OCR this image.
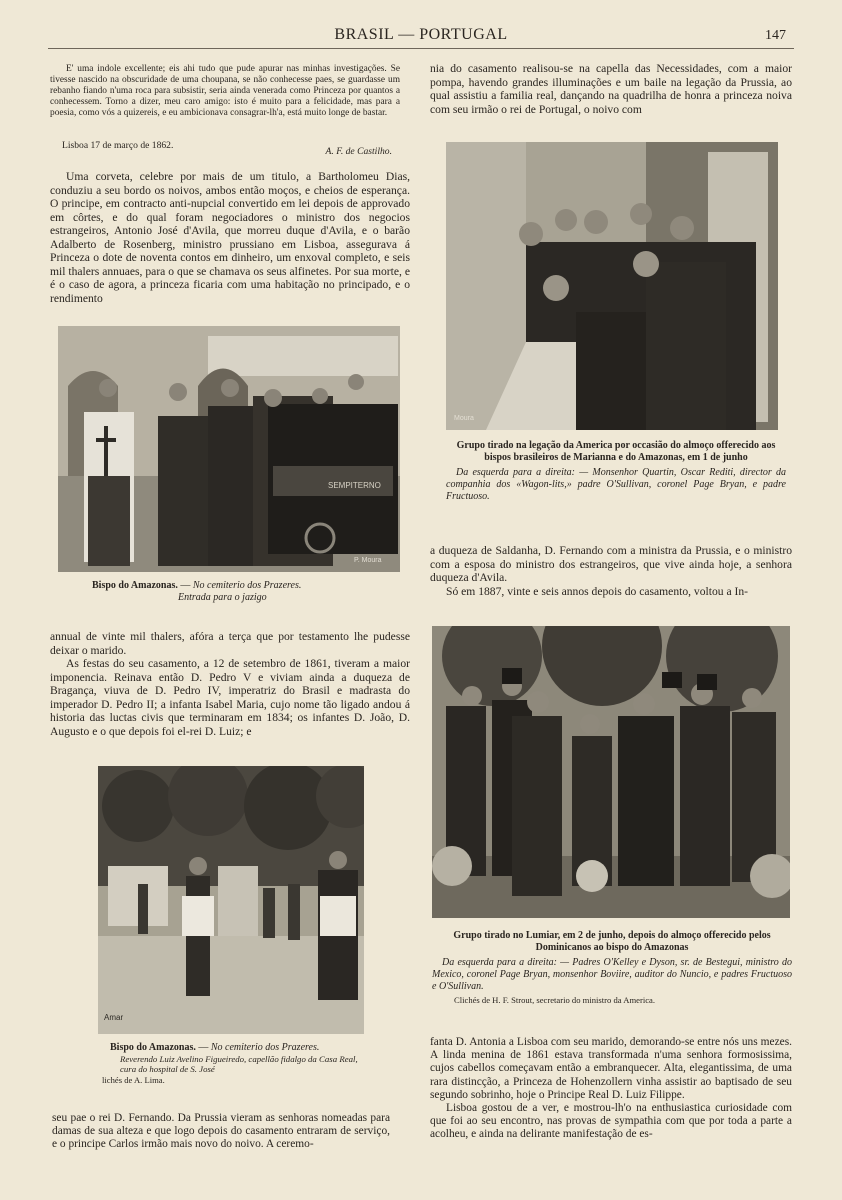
BRASIL — PORTUGAL	147

E' uma indole excellente; eis ahi tudo que pude apurar nas minhas investigações. Se tivesse nascido na obscuridade de uma choupana, se não conhecesse paes, se guardasse um rebanho fiando n'uma roca para subsistir, seria ainda venerada como Princeza por quantos a conhecessem. Torno a dizer, meu caro amigo: isto é muito para a felicidade, mas para a poesia, como vós a quizereis, e eu ambicionava consagrar-lh'a, está muito longe de bastar.

Lisboa 17 de março de 1862.
A. F. de Castilho.

Uma corveta, celebre por mais de um titulo, a Bartholomeu Dias, conduziu a seu bordo os noivos, ambos então moços, e cheios de esperança. O principe, em contracto anti-nupcial convertido em lei depois de approvado em côrtes, e do qual foram negociadores o ministro dos negocios estrangeiros, Antonio José d'Avila, que morreu duque d'Avila, e o barão Adalberto de Rosenberg, ministro prussiano em Lisboa, assegurava á Princeza o dote de noventa contos em dinheiro, um enxoval completo, e seis mil thalers annuaes, para o que se chamava os seus alfinetes. Por sua morte, e é o caso de agora, a princeza ficaria com uma habitação no principado, e o rendimento

SEMPITERNO
P. Moura
Bispo do Amazonas. — No cemiterio dos Prazeres.
Entrada para o jazigo

annual de vinte mil thalers, afóra a terça que por testamento lhe pudesse deixar o marido.

As festas do seu casamento, a 12 de setembro de 1861, tiveram a maior imponencia. Reinava então D. Pedro V e viviam ainda a duqueza de Bragança, viuva de D. Pedro IV, imperatriz do Brasil e madrasta do imperador D. Pedro II; a infanta Isabel Maria, cujo nome tão ligado andou á historia das luctas civis que terminaram em 1834; os infantes D. João, D. Augusto e o que depois foi el-rei D. Luiz; e

Amar
Bispo do Amazonas. — No cemiterio dos Prazeres.
Reverendo Luiz Avelino Figueiredo, capellão fidalgo da Casa Real, cura do hospital de S. José
lichés de A. Lima.

seu pae o rei D. Fernando. Da Prussia vieram as senhoras nomeadas para damas de sua alteza e que logo depois do casamento entraram de serviço, e o principe Carlos irmão mais novo do noivo. A ceremo-

nia do casamento realisou-se na capella das Necessidades, com a maior pompa, havendo grandes illuminações e um baile na legação da Prussia, ao qual assistiu a familia real, dançando na quadrilha de honra a princeza noiva com seu irmão o rei de Portugal, o noivo com

Moura
Grupo tirado na legação da America por occasião do almoço offerecido aos bispos brasileiros de Marianna e do Amazonas, em 1 de junho
Da esquerda para a direita: — Monsenhor Quartin, Oscar Rediti, director da companhia dos «Wagon-lits,» padre O'Sullivan, coronel Page Bryan, e padre Fructuoso.

a duqueza de Saldanha, D. Fernando com a ministra da Prussia, e o ministro com a esposa do ministro dos estrangeiros, que vive ainda hoje, a senhora duqueza d'Avila.

Só em 1887, vinte e seis annos depois do casamento, voltou a In-

Grupo tirado no Lumiar, em 2 de junho, depois do almoço offerecido pelos Dominicanos ao bispo do Amazonas
Da esquerda para a direita: — Padres O'Kelley e Dyson, sr. de Bestegui, ministro do Mexico, coronel Page Bryan, monsenhor Boviire, auditor do Nuncio, e padres Fructuoso e O'Sullivan.
Clichés de H. F. Strout, secretario do ministro da America.

fanta D. Antonia a Lisboa com seu marido, demorando-se entre nós uns mezes. A linda menina de 1861 estava transformada n'uma senhora formosissima, cujos cabellos começavam então a embranquecer. Alta, elegantissima, de uma rara distincção, a Princeza de Hohenzollern vinha assistir ao baptisado de seu segundo sobrinho, hoje o Principe Real D. Luiz Filippe.

Lisboa gostou de a ver, e mostrou-lh'o na enthusiastica curiosidade com que foi ao seu encontro, nas provas de sympathia com que por toda a parte a acolheu, e ainda na delirante manifestação de es-
